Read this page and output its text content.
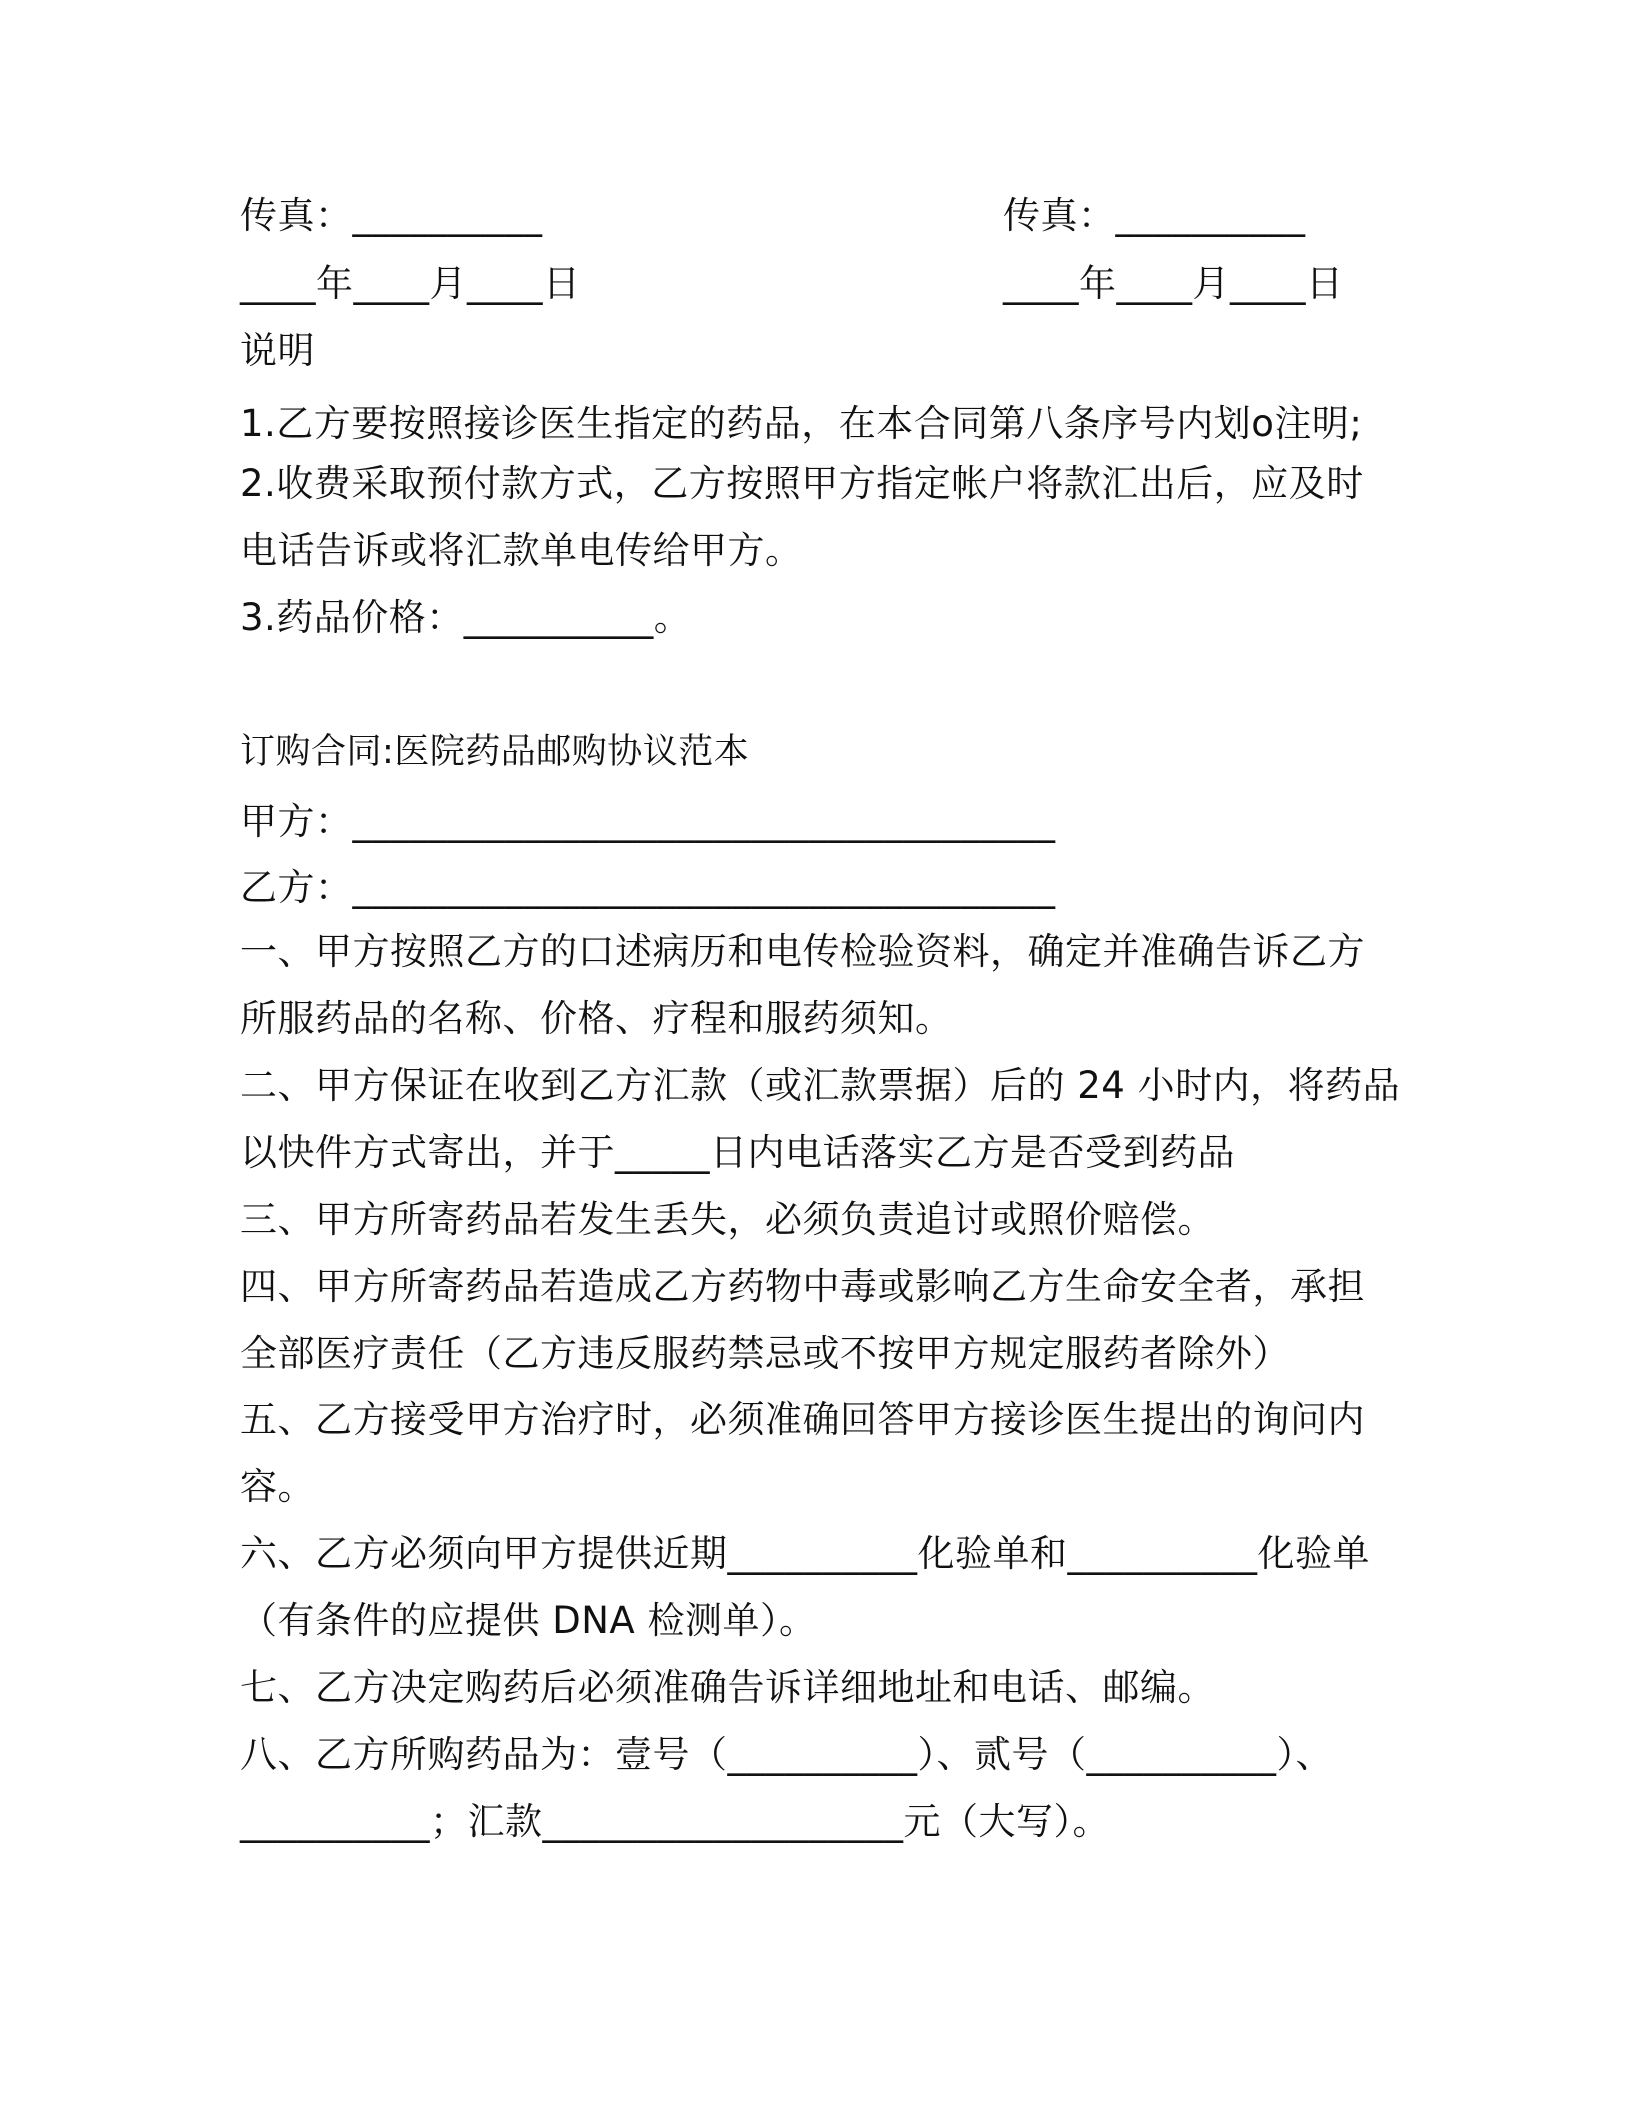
传真：__________	传真：__________
____年____月____日	____年____月____日
说明
1.乙方要按照接诊医生指定的药品，在本合同第八条序号内划o注明;
2.收费采取预付款方式，乙方按照甲方指定帐户将款汇出后，应及时
电话告诉或将汇款单电传给甲方。
3.药品价格：__________。
订购合同:医院药品邮购协议范本
甲方：_____________________________________
乙方：_____________________________________
一、甲方按照乙方的口述病历和电传检验资料，确定并准确告诉乙方
所服药品的名称、价格、疗程和服药须知。
二、甲方保证在收到乙方汇款（或汇款票据）后的 24 小时内，将药品
以快件方式寄出，并于_____日内电话落实乙方是否受到药品
三、甲方所寄药品若发生丢失，必须负责追讨或照价赔偿。
四、甲方所寄药品若造成乙方药物中毒或影响乙方生命安全者，承担
全部医疗责任（乙方违反服药禁忌或不按甲方规定服药者除外）
五、乙方接受甲方治疗时，必须准确回答甲方接诊医生提出的询问内
容。
六、乙方必须向甲方提供近期__________化验单和__________化验单
（有条件的应提供 DNA 检测单）。
七、乙方决定购药后必须准确告诉详细地址和电话、邮编。
八、乙方所购药品为：壹号（__________）、贰号（__________）、
__________；汇款___________________元（大写）。
